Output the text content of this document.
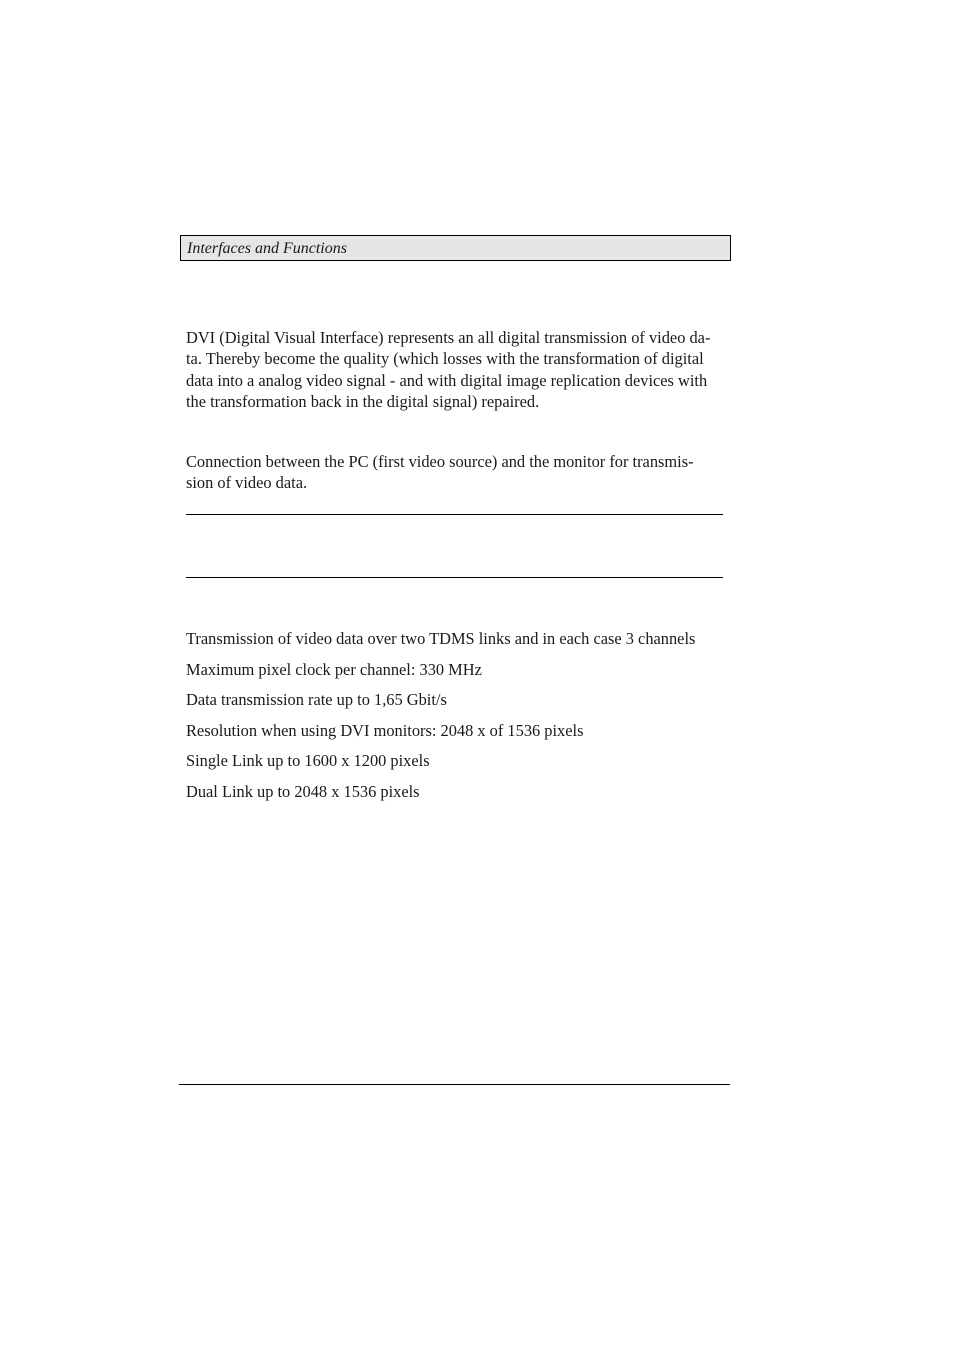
Interfaces and Functions

DVI (Digital Visual Interface) represents an all digital transmission of video da-
ta. Thereby become the quality (which losses with the transformation of digital
data into a analog video signal - and with digital image replication devices with
the transformation back in the digital signal) repaired.

Connection between the PC (first video source) and the monitor for transmis-
sion of video data.

Transmission of video data over two TDMS links and in each case 3 channels
Maximum pixel clock per channel: 330 MHz
Data transmission rate up to 1,65 Gbit/s
Resolution when using DVI monitors: 2048 x of 1536 pixels
Single Link up to 1600 x 1200 pixels
Dual Link up to 2048 x 1536 pixels
